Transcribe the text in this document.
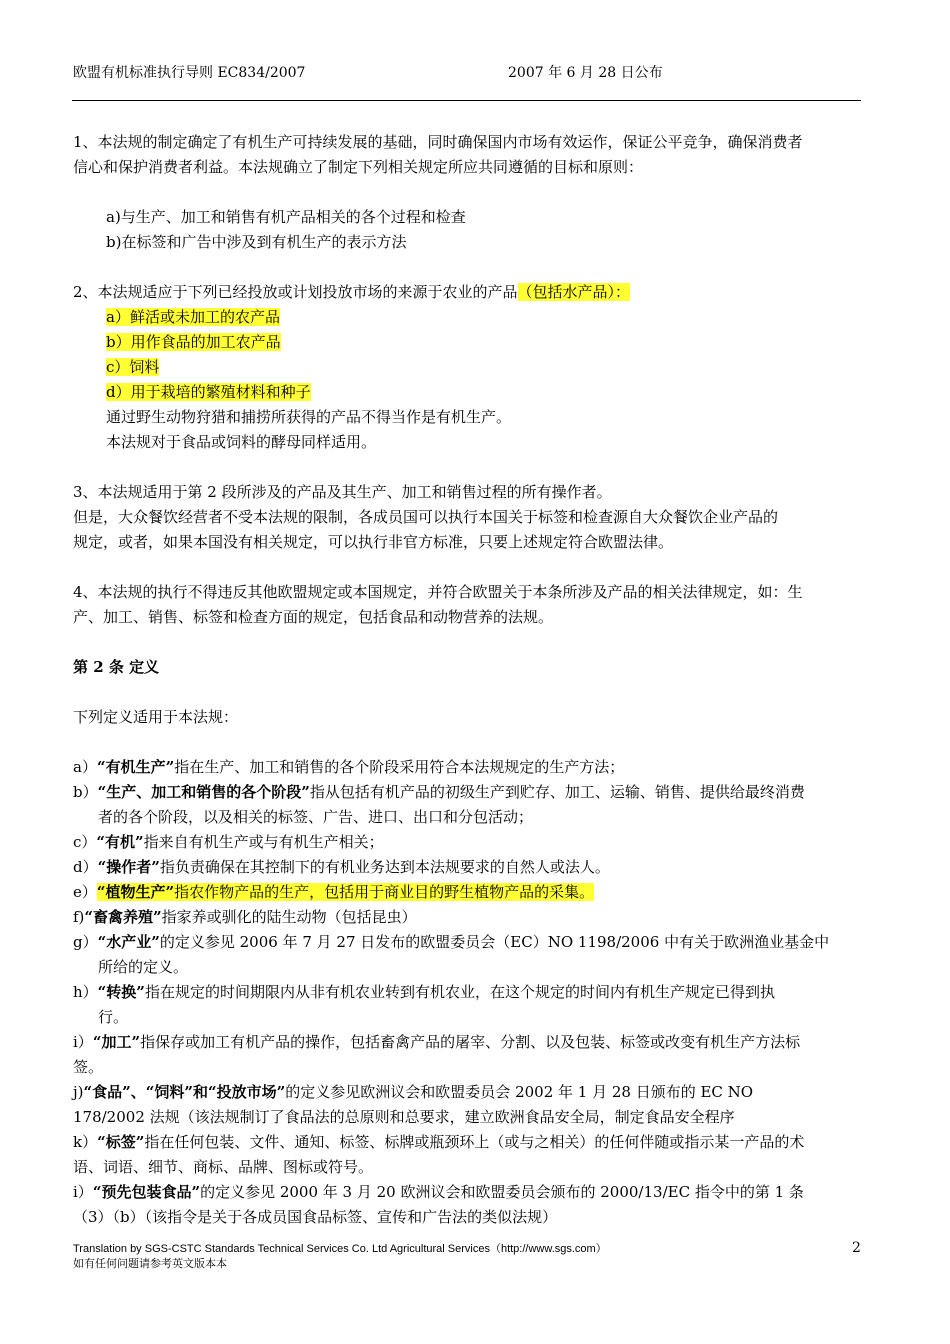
欧盟有机标准执行导则 EC834/2007	2007 年 6 月 28 日公布
1、本法规的制定确定了有机生产可持续发展的基础，同时确保国内市场有效运作，保证公平竞争，确保消费者
信心和保护消费者利益。本法规确立了制定下列相关规定所应共同遵循的目标和原则：
a)与生产、加工和销售有机产品相关的各个过程和检查
b)在标签和广告中涉及到有机生产的表示方法
2、本法规适应于下列已经投放或计划投放市场的来源于农业的产品（包括水产品）：
a）鲜活或未加工的农产品
b）用作食品的加工农产品
c）饲料
d）用于栽培的繁殖材料和种子
通过野生动物狩猎和捕捞所获得的产品不得当作是有机生产。
本法规对于食品或饲料的酵母同样适用。
3、本法规适用于第 2 段所涉及的产品及其生产、加工和销售过程的所有操作者。
但是，大众餐饮经营者不受本法规的限制，各成员国可以执行本国关于标签和检查源自大众餐饮企业产品的
规定，或者，如果本国没有相关规定，可以执行非官方标准，只要上述规定符合欧盟法律。
4、本法规的执行不得违反其他欧盟规定或本国规定，并符合欧盟关于本条所涉及产品的相关法律规定，如：生
产、加工、销售、标签和检查方面的规定，包括食品和动物营养的法规。
第 2 条 定义
下列定义适用于本法规：
a）“有机生产”指在生产、加工和销售的各个阶段采用符合本法规规定的生产方法；
b）“生产、加工和销售的各个阶段”指从包括有机产品的初级生产到贮存、加工、运输、销售、提供给最终消费
者的各个阶段，以及相关的标签、广告、进口、出口和分包活动；
c）“有机”指来自有机生产或与有机生产相关；
d）“操作者”指负责确保在其控制下的有机业务达到本法规要求的自然人或法人。
e）“植物生产”指农作物产品的生产，包括用于商业目的野生植物产品的采集。
f)“畜禽养殖”指家养或驯化的陆生动物（包括昆虫）
g）“水产业”的定义参见 2006 年 7 月 27 日发布的欧盟委员会（EC）NO 1198/2006 中有关于欧洲渔业基金中
所给的定义。
h）“转换”指在规定的时间期限内从非有机农业转到有机农业，在这个规定的时间内有机生产规定已得到执
行。
i）“加工”指保存或加工有机产品的操作，包括畜禽产品的屠宰、分割、以及包装、标签或改变有机生产方法标
签。
j)“食品”、“饲料”和“投放市场”的定义参见欧洲议会和欧盟委员会 2002 年 1 月 28 日颁布的 EC NO
178/2002 法规（该法规制订了食品法的总原则和总要求，建立欧洲食品安全局，制定食品安全程序
k）“标签”指在任何包装、文件、通知、标签、标牌或瓶颈环上（或与之相关）的任何伴随或指示某一产品的术
语、词语、细节、商标、品牌、图标或符号。
i）“预先包装食品”的定义参见 2000 年 3 月 20 欧洲议会和欧盟委员会颁布的 2000/13/EC 指令中的第 1 条
（3）（b）（该指令是关于各成员国食品标签、宣传和广告法的类似法规）
Translation by SGS-CSTC Standards Technical Services Co. Ltd Agricultural Services（http://www.sgs.com）
如有任何问题请参考英文版本本
2
